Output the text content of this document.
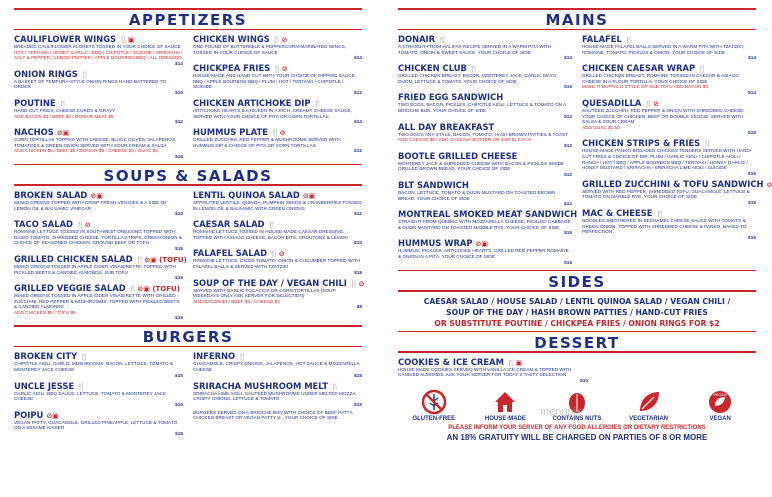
APPETIZERS
CAULIFLOWER WINGS 🍴▣
BREADED CAULIFLOWER FLORETS TOSSED IN YOUR CHOICE OF SAUCE
HOT / TERIYAKI / HONEY GARLIC / BBQ / CHIPOTLE / SUICIDE / SRIRACHA / SALT & PEPPER / LEMON PEPPER / APPLE BOURBON BBQ / ALL DRESSED
$14
ONION RINGS 🍴
A BASKET OF TEMPURA-STYLE ONION RINGS HAND-BATTERED TO ORDER
$10
POUTINE 🍴
HAND-CUT FRIES, CHEESE CURDS & GRAVY
ADD BACON $3 / BEEF $3 / DONAIR MEAT $5
$12
NACHOS ⊘▣
CORN TORTILLAS TOPPED WITH CHEESE, BLACK OLIVES, JALAPENOS, TOMATOES & GREEN ONION SERVED WITH SOUR CREAM & SALSA
ADD CHICKEN $5 / BEEF $5 / DONAIR $5 / CHEESE $3 / GUAC $3
$16
CHICKEN WINGS 🍴⊘
ONE POUND OF BUTTERMILK & PEPPERCORN-MARINATED WINGS, TOSSED IN YOUR CHOICE OF SAUCE
$14
CHICKPEA FRIES 🍴⊘
HOUSE-MADE AND HAND-CUT WITH YOUR CHOICE OF DIPPING SAUCE: BBQ / APPLE BOURBON BBQ / PLUM / HOT / TERIYAKI / CHIPOTLE / SUICIDE
$12
CHICKEN ARTICHOKE DIP 🍴
ARTICHOKE HEARTS & CHICKEN IN A RICH, CREAMY CHEESE SAUCE, SERVED WITH YOUR CHOICE OF PITA OR CORN TORTILLAS
$14
HUMMUS PLATE 🍴⊘
GRILLED ZUCCHINI, RED PEPPER & MUSHROOMS SERVED WITH HUMMUS DIP & CHOICE OF PITA OR CORN TORTILLAS
$12
SOUPS & SALADS
BROKEN SALAD ⊘▣
MIXED GREENS TOPPED WITH CRISP FRESH VEGGIES & A SIDE OF LEMON OIL & BALSAMIC VINEGAR
$10
TACO SALAD 🍴⊘
ROMAINE LETTUCE TOSSED IN SOUTHWEST DRESSING TOPPED WITH DICED TOMATO, SHREDDED CHEESE, TORTILLA STRIPS, GREEN ONION & CHOICE OF SEASONED CHICKEN, GROUND BEEF OR TOFU
$15
GRILLED CHICKEN SALAD 🍴⊘▣ (TOFU)
MIXED GREENS TOSSED IN APPLE CIDER VINAIGRETTE, TOPPED WITH PICKLED BEETS & CANDIED ALMONDS, SUB TOFU
$15
GRILLED VEGGIE SALAD 🍴⊘▣ (TOFU)
MIXED GREENS TOSSED IN APPLE CIDER VINAIGRETTE WITH GRILLED ZUCCHINI, RED PEPPER & MUSHROOMS, TOPPED WITH PICKLED BEETS & CANDIED ALMONDS
ADD CHICKEN $5 / TOFU $5
$15
LENTIL QUINOA SALAD ⊘▣
SPROUTED LENTILS, QUINOA, PUMPKIN SEEDS & CRANBERRIES TOSSED IN LEMON OIL & BALSAMIC WITH GREEN ONIONS
$12
CAESAR SALAD 🍴
ROMAINE LETTUCE TOSSED IN HOUSE-MADE CAESAR DRESSING, TOPPED WITH ASIAGO CHEESE, BACON BITS, CROUTONS & LEMON
$10
FALAFEL SALAD 🍴⊘
ROMAINE LETTUCE, DICED TOMATO, ONION & CUCUMBER TOPPED WITH FALAFEL BALLS & SERVED WITH TZATZIKI
$15
SOUP OF THE DAY / VEGAN CHILI 🍴⊘
SERVED WITH GARLIC FOCACCIA OR CORN TORTILLAS (SOUP WEEKDAYS ONLY ASK SERVER FOR SELECTION)
ADD BACON $3 / BEEF $3 / CHEESE $3
$8
BURGERS
BROKEN CITY 🍴
CHIPOTLE AIOLI, GARLIC MUSHROOMS, BACON, LETTUCE, TOMATO & MONTEREY JACK CHEESE
$15
UNCLE JESSE 🍴
GARLIC AIOLI, BBQ SAUCE, LETTUCE, TOMATO & MONTEREY JACK CHEESE
$15
POIPU ⊘▣
VEGAN PATTY, GUACAMOLE, GRILLED PINEAPPLE, LETTUCE & TOMATO ON A SESAME KAISER
$15
INFERNO 🍴
GUACAMOLE, CRISPY ONIONS, JALAPENOS, HOT SAUCE & MOZZARELLA CHEESE
$15
SRIRACHA MUSHROOM MELT 🍴
SRIRACHA LIME AIOLI, SAUTEED MUSHROOMS UNDER MELTED MOZZA, CRISPY ONIONS, LETTUCE & TOMATO
$15
BURGERS SERVED ON A BRIOCHE BUN WITH CHOICE OF BEEF PATTY, CHICKEN BREAST OR VEGAN PATTY ⊘ , YOUR CHOICE OF SIDE.
MAINS
DONAIR 🍴
A STRAIGHT-FROM-HALIFAX RECIPE SERVED IN A WARM PITA WITH TOMATO, ONION & SWEET SAUCE. YOUR CHOICE OF SIDE
$14
CHICKEN CLUB 🍴
GRILLED CHICKEN BREAST, BACON, MONTEREY JACK, GARLIC MAYO, DIJON, LETTUCE & TOMATO. YOUR CHOICE OF SIDE
$15
FRIED EGG SANDWICH
TWO EGGS, BACON, PICKLES, CHIPOTLE AIOLI, LETTUCE & TOMATO ON A BRIOCHE BUN. YOUR CHOICE OF SIDE
$12
ALL DAY BREAKFAST
TWO EGGS ANY STYLE, BACON, TOMATO, HASH BROWN PATTIES & TOAST
ADD CAESAR $6 / ADD CASSAVA BUTTER OR JAM $1 EACH
$12
BOOTLE GRILLED CHEESE
MONTEREY JACK & SHREDDED CHEESE WITH BACON & PICKLES INSIDE GRILLED BROWN BREAD. YOUR CHOICE OF SIDE
$12
BLT SANDWICH
BACON, LETTUCE, TOMATO & DIJON MUSTARD ON TOASTED BROWN BREAD. YOUR CHOICE OF SIDE
$12
MONTREAL SMOKED MEAT SANDWICH
STRAIGHT FROM QUEBEC WITH MOZZARELLA CHEESE, PICKLED CABBAGE & DIJON MUSTARD ON TOASTED MARBLE RYE. YOUR CHOICE OF SIDE
$15
HUMMUS WRAP ⊘▣
HUMMUS, PICKLES, ARTICHOKE HEARTS, GRILLED RED PEPPER ROMAINE & ONION IN A PITA. YOUR CHOICE OF SIDE
$15
FALAFEL 🍴
HOUSE-MADE FALAFEL BALLS SERVED IN A WARM PITA WITH TZATZIKI, ROMAINE, TOMATO, PICKLES & ONION. YOUR CHOICE OF SIDE
$14
CHICKEN CAESAR WRAP 🍴
GRILLED CHICKEN BREAST, ROMAINE TOSSED IN CAESAR & ASIAGO CHEESE IN A FLOUR TORTILLA. YOUR CHOICE OF SIDE
MAKE IT BUFFALO STYLE OR SUB TOFU ADD BACON $3
$14
QUESADILLA 🍴⊘
SAUTEED ZUCCHINI, RED PEPPER & ONION WITH SHREDDED CHEESE. YOUR CHOICE OF CHICKEN, BEEF OR DOUBLE VEGGIE, SERVED WITH SALSA & SOUR CREAM
ADD GUAC $1.50
$15
CHICKEN STRIPS & FRIES 🍴
HOUSE-MADE PANKO-BREADED CHICKEN TENDERS SERVED WITH HAND-CUT FRIES & CHOICE OF DIP: PLUM / GARLIC AIOLI / CHIPOTLE AIOLI / RANCH / HOT / BBQ / APPLE BOURBON BBQ / TERIYAKI / HONEY GARLIC / HONEY MUSTARD / SRIRACHA / SRIRACHA LIME AIOLI / SUICIDE
$15
GRILLED ZUCCHINI & TOFU SANDWICH ⊘
SERVED WITH RED PEPPER, SHREDDED TOFU, GUACAMOLE, LETTUCE & TOMATO ON MARBLE RYE. YOUR CHOICE OF SIDE
$15
MAC & CHEESE 🍴
NOODLES SMOTHERED IN BECHAMEL CHEESE SAUCE WITH TOMATO & GREEN ONION, TOPPED WITH SHREDDED CHEESE & PANKO, BAKED TO PERFECTION
$15
SIDES
CAESAR SALAD / HOUSE SALAD / LENTIL QUINOA SALAD / VEGAN CHILI /
SOUP OF THE DAY / HASH BROWN PATTIES / HAND-CUT FRIES
OR SUBSTITUTE POUTINE / CHICKPEA FRIES / ONION RINGS FOR $2
DESSERT
COOKIES & ICE CREAM 🍴▣
HOUSE MADE COOKIES SERVED WITH VANILLA ICE CREAM & TOPPED WITH CANDIED ALMONDS. ASK YOUR SERVER FOR TODAY'S TASTY SELECTION
$10
GLUTEN-FREE	HOUSE-MADE	CONTAINS NUTS	VEGETARIAN
VEGAN
VEGAN
PLEASE INFORM YOUR SERVER OF ANY FOOD ALLERGIES OR DIETARY RESTRICTIONS
AN 18% GRATUITY WILL BE CHARGED ON PARTIES OF 8 OR MORE
menupix
